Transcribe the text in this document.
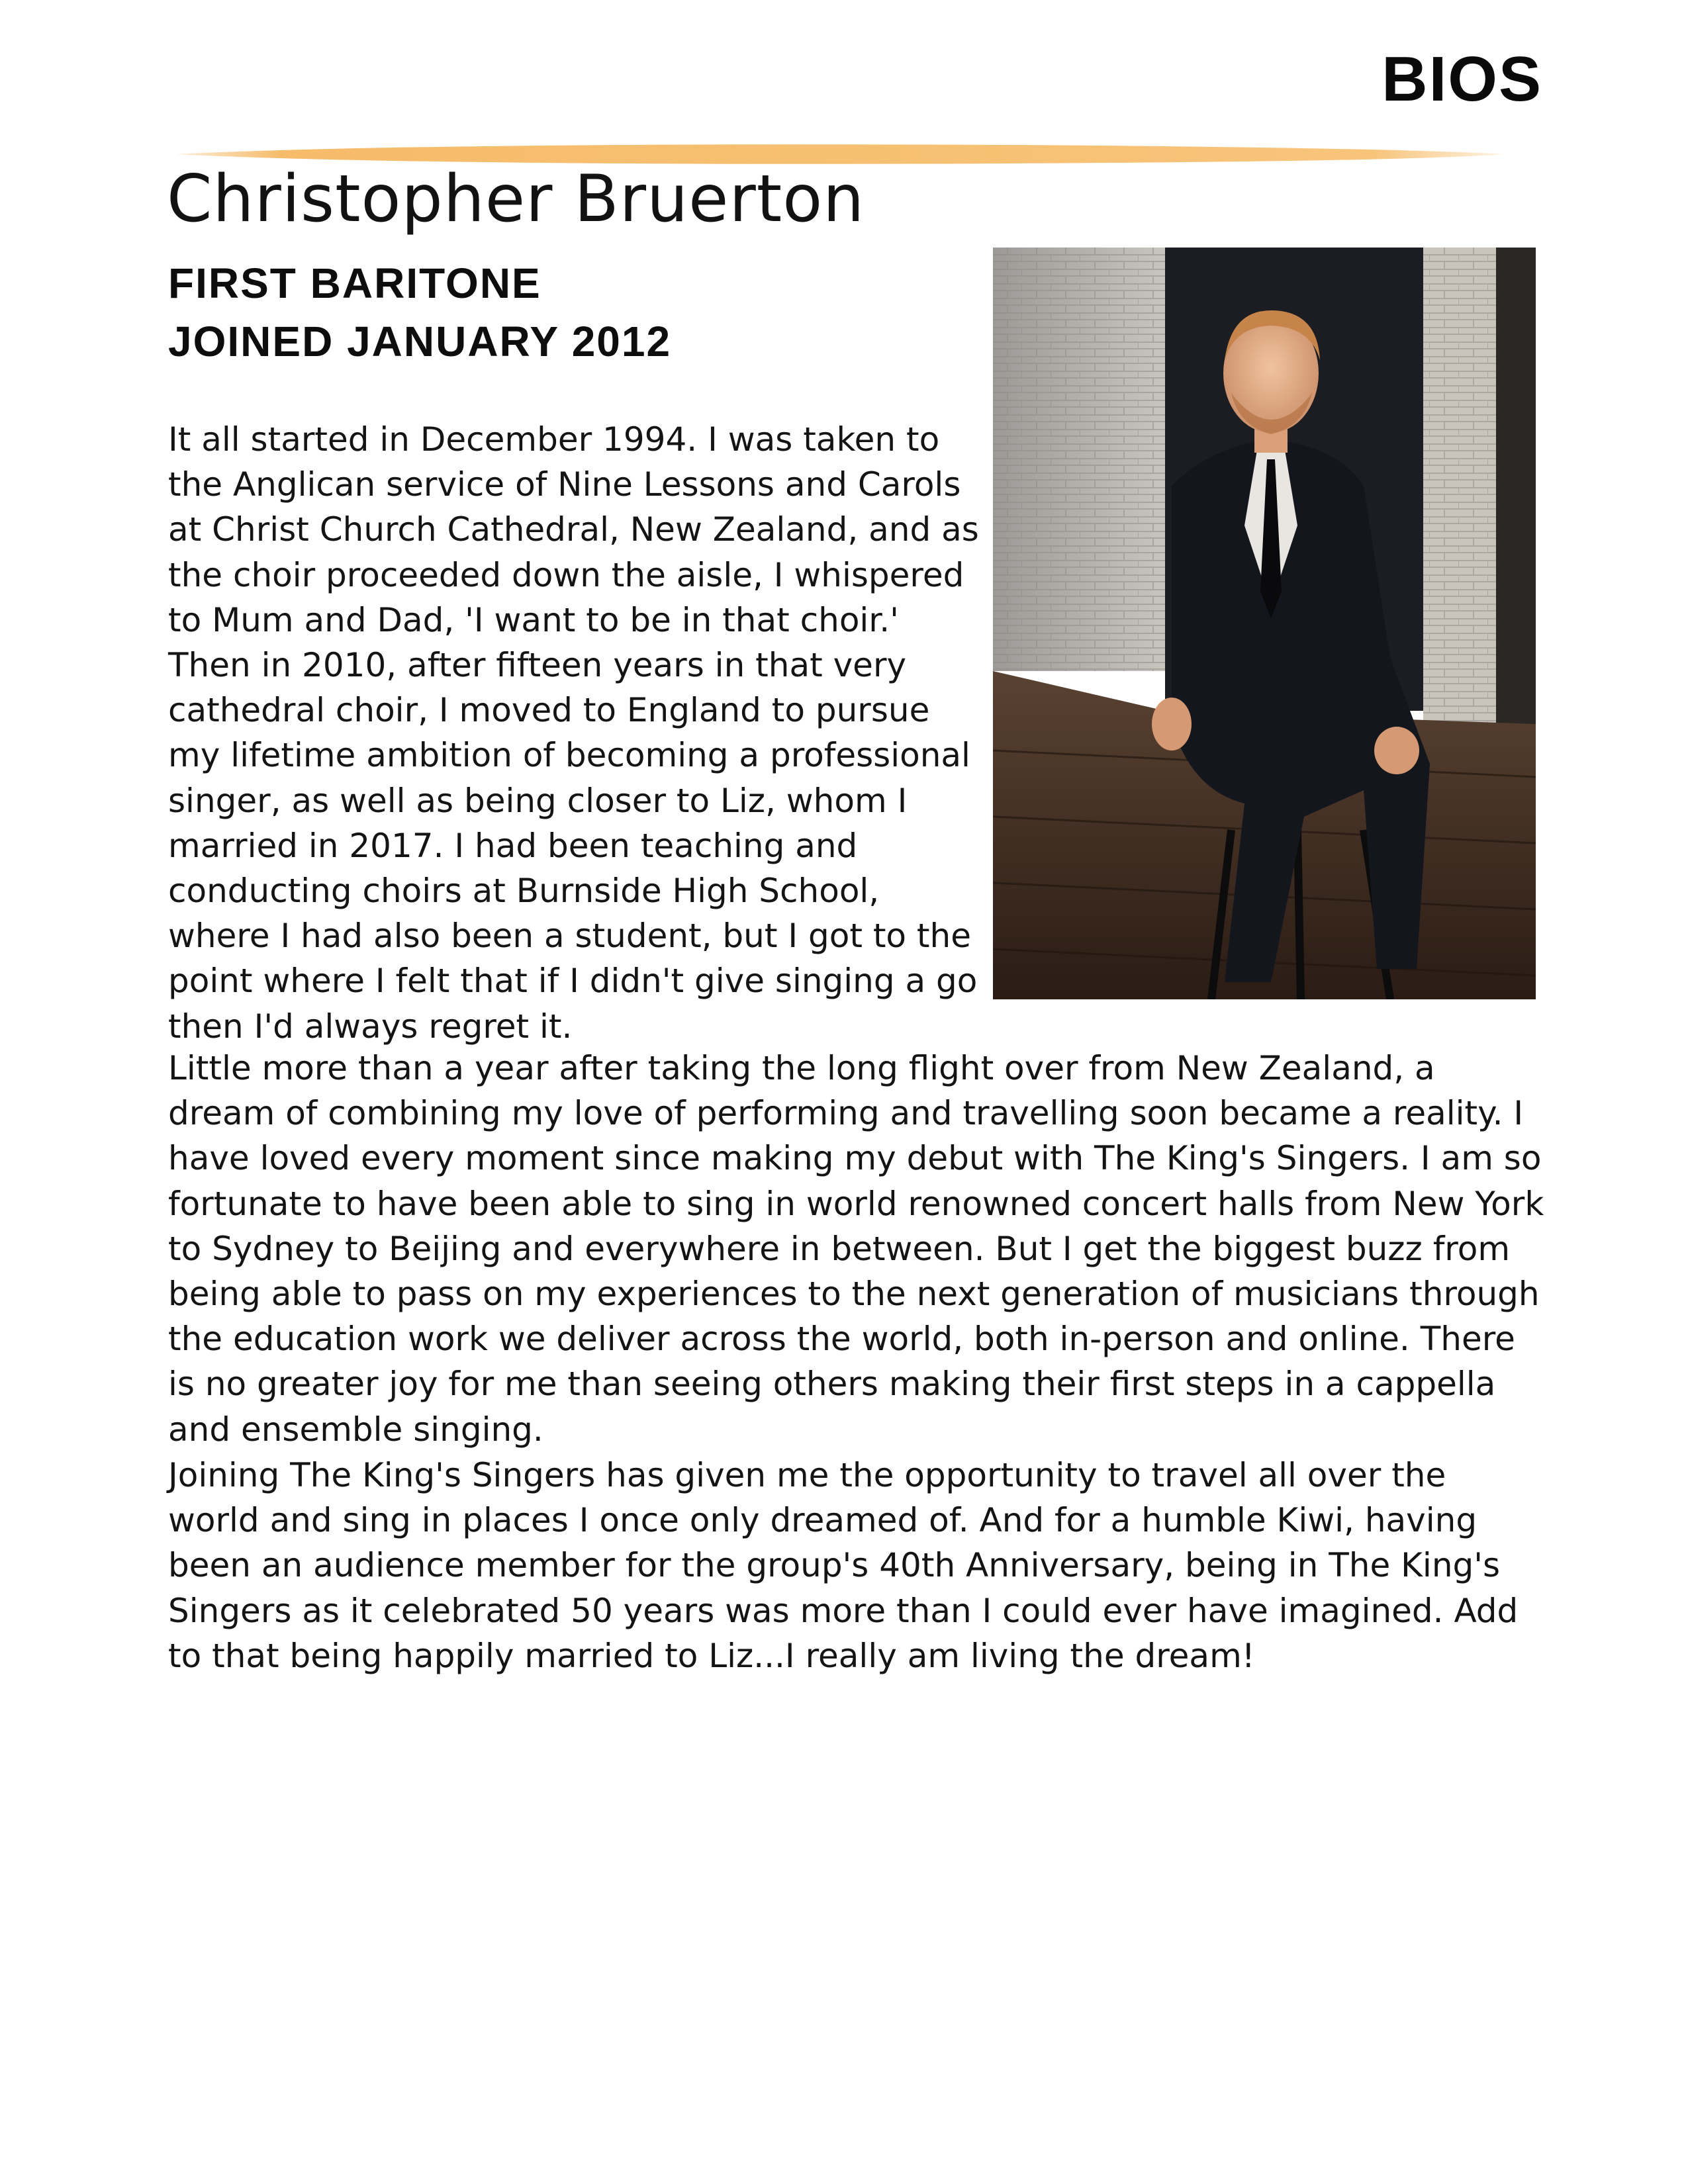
BIOS
Christopher Bruerton
FIRST BARITONE
JOINED JANUARY 2012

It all started in December 1994. I was taken to the Anglican service of Nine Lessons and Carols at Christ Church Cathedral, New Zealand, and as the choir proceeded down the aisle, I whispered to Mum and Dad, 'I want to be in that choir.' Then in 2010, after fifteen years in that very cathedral choir, I moved to England to pursue my lifetime ambition of becoming a professional singer, as well as being closer to Liz, whom I married in 2017. I had been teaching and conducting choirs at Burnside High School, where I had also been a student, but I got to the point where I felt that if I didn't give singing a go then I'd always regret it.

Little more than a year after taking the long flight over from New Zealand, a dream of combining my love of performing and travelling soon became a reality. I have loved every moment since making my debut with The King's Singers. I am so fortunate to have been able to sing in world renowned concert halls from New York to Sydney to Beijing and everywhere in between. But I get the biggest buzz from being able to pass on my experiences to the next generation of musicians through the education work we deliver across the world, both in-person and online. There is no greater joy for me than seeing others making their first steps in a cappella and ensemble singing.

Joining The King's Singers has given me the opportunity to travel all over the world and sing in places I once only dreamed of. And for a humble Kiwi, having been an audience member for the group's 40th Anniversary, being in The King's Singers as it celebrated 50 years was more than I could ever have imagined. Add to that being happily married to Liz...I really am living the dream!
